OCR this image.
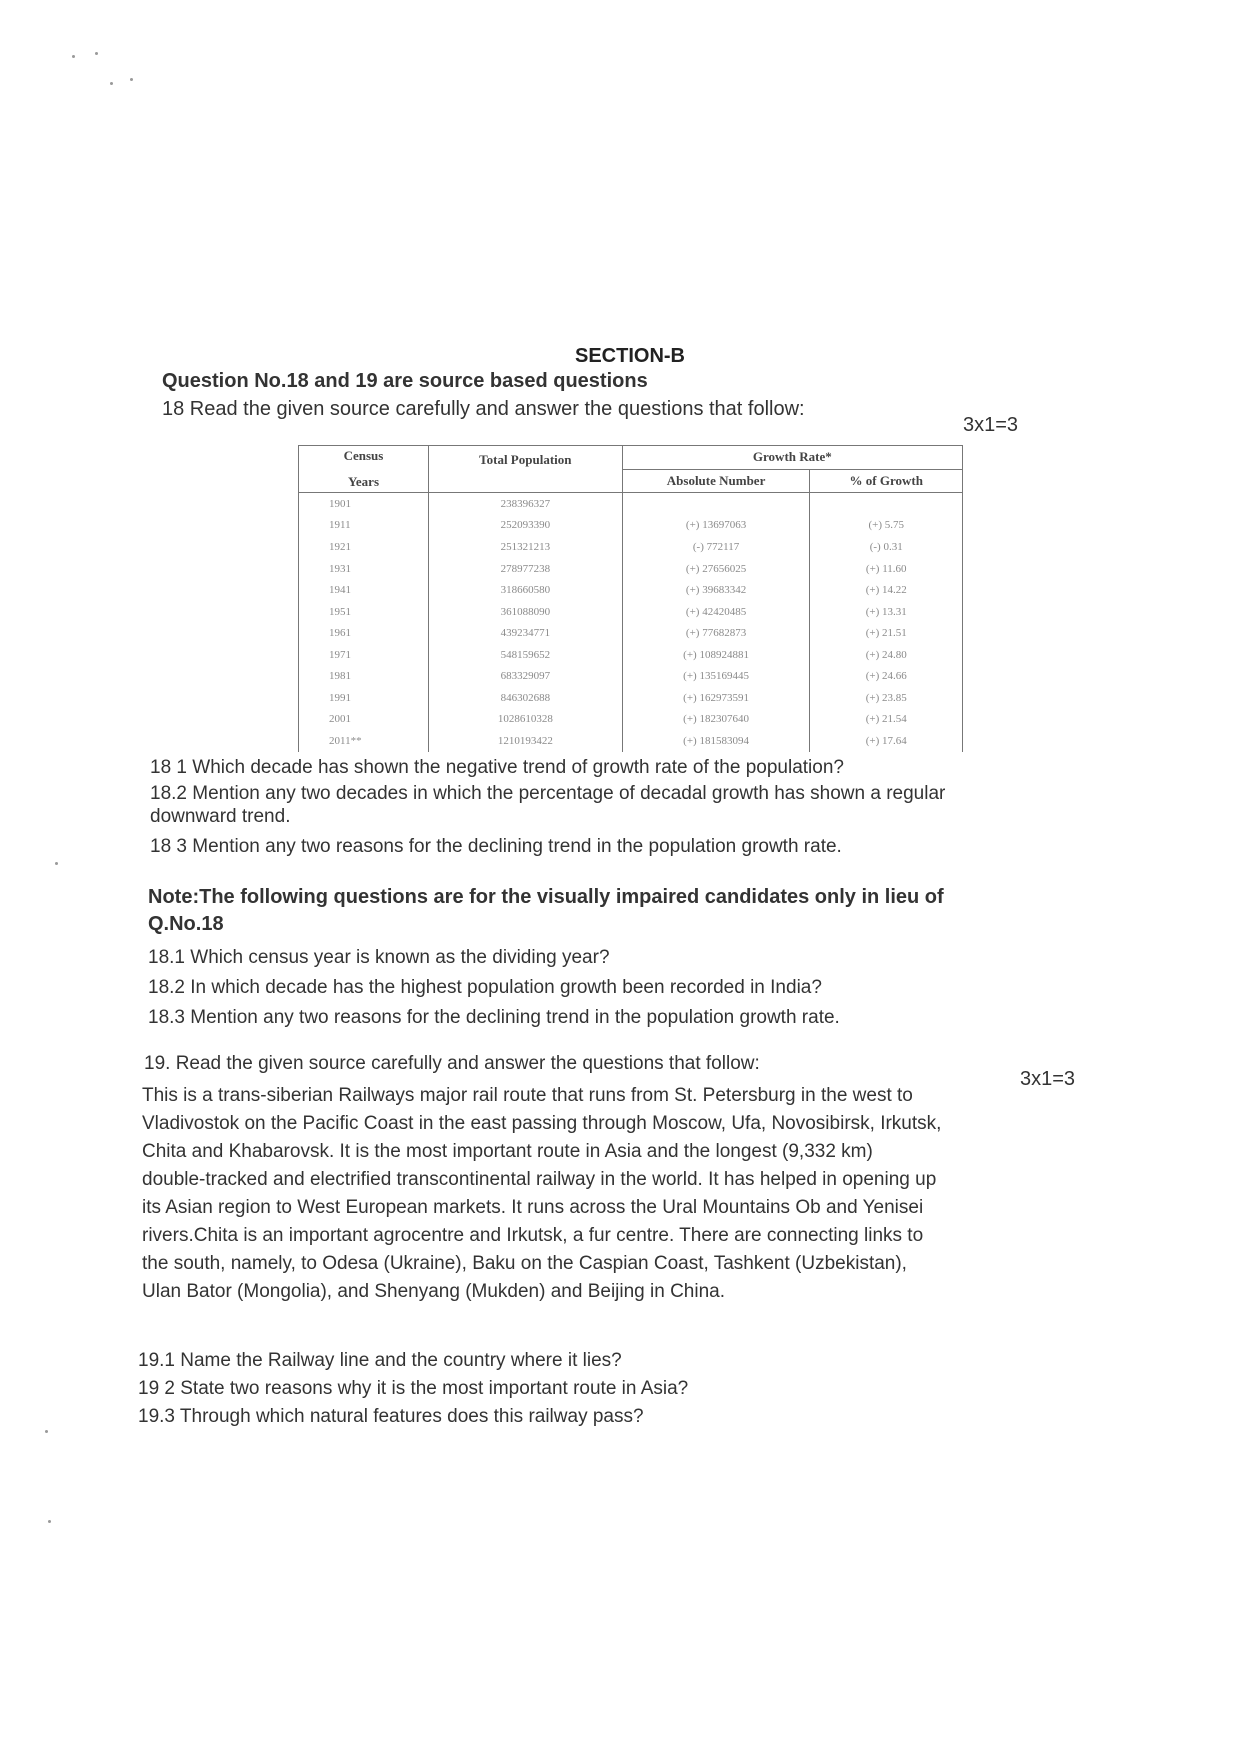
SECTION-B
Question No.18 and 19 are source based questions
18 Read the given source carefully and answer the questions that follow:
3x1=3
Census
Years	Total Population	Growth Rate*	
		Absolute Number	% of Growth
1901	238396327		
1911	252093390	(+) 13697063	(+) 5.75
1921	251321213	(-) 772117	(-) 0.31
1931	278977238	(+) 27656025	(+) 11.60
1941	318660580	(+) 39683342	(+) 14.22
1951	361088090	(+) 42420485	(+) 13.31
1961	439234771	(+) 77682873	(+) 21.51
1971	548159652	(+) 108924881	(+) 24.80
1981	683329097	(+) 135169445	(+) 24.66
1991	846302688	(+) 162973591	(+) 23.85
2001	1028610328	(+) 182307640	(+) 21.54
2011**	1210193422	(+) 181583094	(+) 17.64
18 1 Which decade has shown the negative trend of growth rate of the population?
18.2 Mention any two decades in which the percentage of decadal growth has shown a regular
downward trend.
18 3 Mention any two reasons for the declining trend in the population growth rate.
Note:The following questions are for the visually impaired candidates only in lieu of
Q.No.18
18.1 Which census year is known as the dividing year?
18.2 In which decade has the highest population growth been recorded in India?
18.3 Mention any two reasons for the declining trend in the population growth rate.
19. Read the given source carefully and answer the questions that follow:
3x1=3
This is a trans-siberian Railways major rail route that runs from St. Petersburg in the west to
Vladivostok on the Pacific Coast in the east passing through Moscow, Ufa, Novosibirsk, Irkutsk,
Chita and Khabarovsk. It is the most important route in Asia and the longest (9,332 km)
double-tracked and electrified transcontinental railway in the world. It has helped in opening up
its Asian region to West European markets. It runs across the Ural Mountains Ob and Yenisei
rivers.Chita is an important agrocentre and Irkutsk, a fur centre. There are connecting links to
the south, namely, to Odesa (Ukraine), Baku on the Caspian Coast, Tashkent (Uzbekistan),
Ulan Bator (Mongolia), and Shenyang (Mukden) and Beijing in China.
19.1 Name the Railway line and the country where it lies?
19 2 State two reasons why it is the most important route in Asia?
19.3 Through which natural features does this railway pass?
